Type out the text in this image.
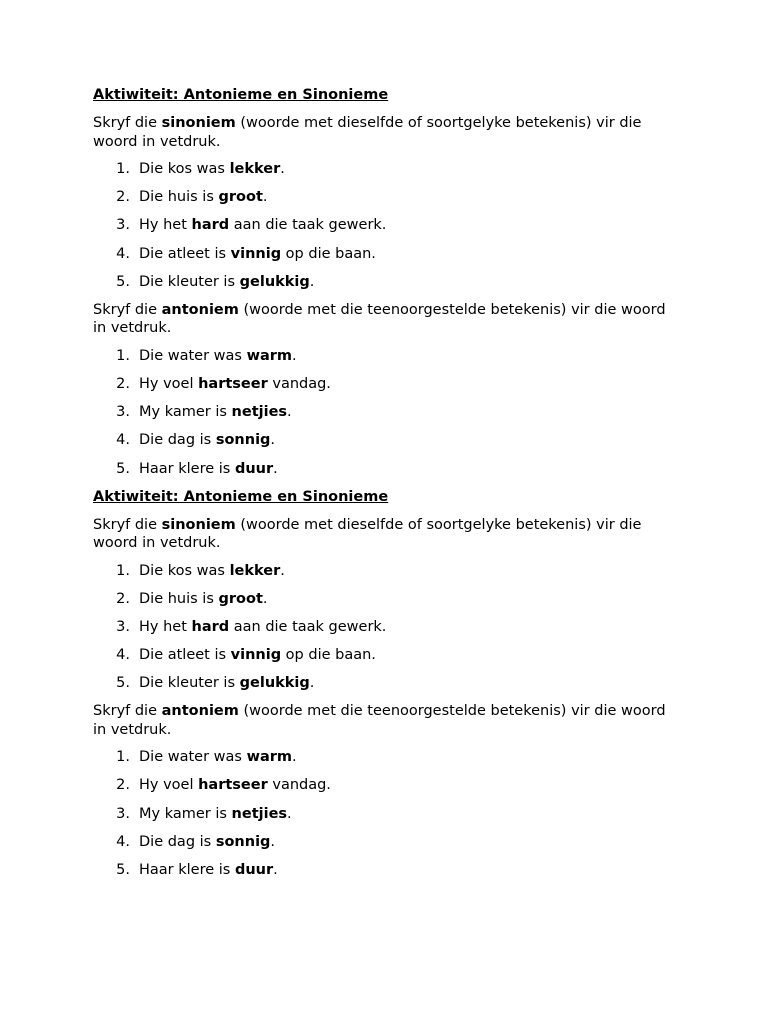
Aktiwiteit: Antonieme en Sinonieme

Skryf die sinoniem (woorde met dieselfde of soortgelyke betekenis) vir die woord in vetdruk.

1. Die kos was lekker.
2. Die huis is groot.
3. Hy het hard aan die taak gewerk.
4. Die atleet is vinnig op die baan.
5. Die kleuter is gelukkig.

Skryf die antoniem (woorde met die teenoorgestelde betekenis) vir die woord in vetdruk.

1. Die water was warm.
2. Hy voel hartseer vandag.
3. My kamer is netjies.
4. Die dag is sonnig.
5. Haar klere is duur.

Aktiwiteit: Antonieme en Sinonieme

Skryf die sinoniem (woorde met dieselfde of soortgelyke betekenis) vir die woord in vetdruk.

1. Die kos was lekker.
2. Die huis is groot.
3. Hy het hard aan die taak gewerk.
4. Die atleet is vinnig op die baan.
5. Die kleuter is gelukkig.

Skryf die antoniem (woorde met die teenoorgestelde betekenis) vir die woord in vetdruk.

1. Die water was warm.
2. Hy voel hartseer vandag.
3. My kamer is netjies.
4. Die dag is sonnig.
5. Haar klere is duur.
